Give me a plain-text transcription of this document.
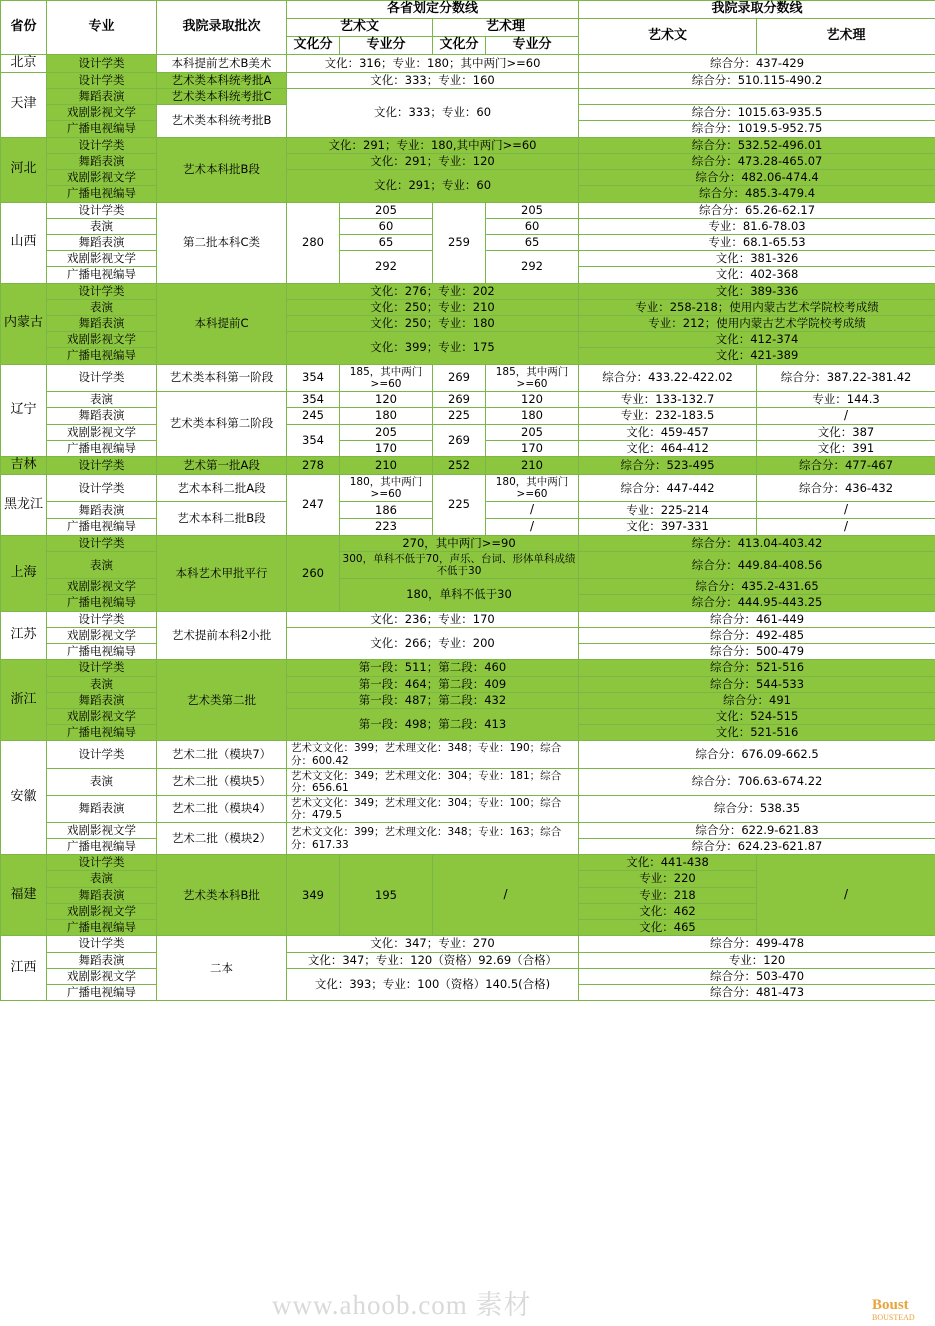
省份	专业	我院录取批次	各省划定分数线				我院录取分数线	
			艺术文		艺术理		艺术文	艺术理
			文化分	专业分	文化分	专业分		
北京	设计学类	本科提前艺术B美术	文化：316；专业：180；其中两门>=60				综合分：437-429	
天津	设计学类	艺术类本科统考批A	文化：333；专业：160				综合分：510.115-490.2	
	舞蹈表演	艺术类本科统考批C	文化：333；专业：60					
	戏剧影视文学	艺术类本科统考批B					综合分：1015.63-935.5	
	广播电视编导						综合分：1019.5-952.75	
河北	设计学类	艺术本科批B段	文化：291；专业：180,其中两门>=60				综合分：532.52-496.01	
	舞蹈表演		文化：291；专业：120				综合分：473.28-465.07	
	戏剧影视文学		文化：291；专业：60				综合分：482.06-474.4	
	广播电视编导						综合分：485.3-479.4	
山西	设计学类	第二批本科C类	280	205	259	205	综合分：65.26-62.17	
	表演			60		60	专业：81.6-78.03	
	舞蹈表演			65		65	专业：68.1-65.53	
	戏剧影视文学			292		292	文化：381-326	
	广播电视编导						文化：402-368	
内蒙古	设计学类	本科提前C	文化：276；专业：202				文化：389-336	
	表演		文化：250；专业：210				专业：258-218；使用内蒙古艺术学院校考成绩	
	舞蹈表演		文化：250；专业：180				专业：212；使用内蒙古艺术学院校考成绩	
	戏剧影视文学		文化：399；专业：175				文化：412-374	
	广播电视编导						文化：421-389	
辽宁	设计学类	艺术类本科第一阶段	354	185，其中两门>=60	269	185，其中两门>=60	综合分：433.22-422.02	综合分：387.22-381.42
	表演	艺术类本科第二阶段	354	120	269	120	专业：133-132.7	专业：144.3
	舞蹈表演		245	180	225	180	专业：232-183.5	/
	戏剧影视文学		354	205	269	205	文化：459-457	文化：387
	广播电视编导			170		170	文化：464-412	文化：391
吉林	设计学类	艺术第一批A段	278	210	252	210	综合分：523-495	综合分：477-467
黑龙江	设计学类	艺术本科二批A段	247	180，其中两门>=60	225	180，其中两门>=60	综合分：447-442	综合分：436-432
	舞蹈表演	艺术本科二批B段		186		/	专业：225-214	/
	广播电视编导			223		/	文化：397-331	/
上海	设计学类	本科艺术甲批平行	260	270，其中两门>=90			综合分：413.04-403.42	
	表演			300，单科不低于70，声乐、台词、形体单科成绩不低于30			综合分：449.84-408.56	
	戏剧影视文学			180，单科不低于30			综合分：435.2-431.65	
	广播电视编导						综合分：444.95-443.25	
江苏	设计学类	艺术提前本科2小批	文化：236；专业：170				综合分：461-449	
	戏剧影视文学		文化：266；专业：200				综合分：492-485	
	广播电视编导						综合分：500-479	
浙江	设计学类	艺术类第二批	第一段：511；第二段：460				综合分：521-516	
	表演		第一段：464；第二段：409				综合分：544-533	
	舞蹈表演		第一段：487；第二段：432				综合分：491	
	戏剧影视文学		第一段：498；第二段：413				文化：524-515	
	广播电视编导						文化：521-516	
安徽	设计学类	艺术二批（模块7）	艺术文文化：399；艺术理文化：348；专业：190；综合分：600.42				综合分：676.09-662.5	
	表演	艺术二批（模块5）	艺术文文化：349；艺术理文化：304；专业：181；综合分：656.61				综合分：706.63-674.22	
	舞蹈表演	艺术二批（模块4）	艺术文文化：349；艺术理文化：304；专业：100；综合分：479.5				综合分：538.35	
	戏剧影视文学	艺术二批（模块2）	艺术文文化：399；艺术理文化：348；专业：163；综合分：617.33				综合分：622.9-621.83	
	广播电视编导						综合分：624.23-621.87	
福建	设计学类	艺术类本科B批	349	195	/		文化：441-438	/
	表演						专业：220	
	舞蹈表演						专业：218	
	戏剧影视文学						文化：462	
	广播电视编导						文化：465	
江西	设计学类	二本	文化：347；专业：270				综合分：499-478	
	舞蹈表演		文化：347；专业：120（资格）92.69（合格）				专业：120	
	戏剧影视文学		文化：393；专业：100（资格）140.5(合格)				综合分：503-470	
	广播电视编导						综合分：481-473	
www.ahoob.com 素材	Boust
BOUSTEAD
